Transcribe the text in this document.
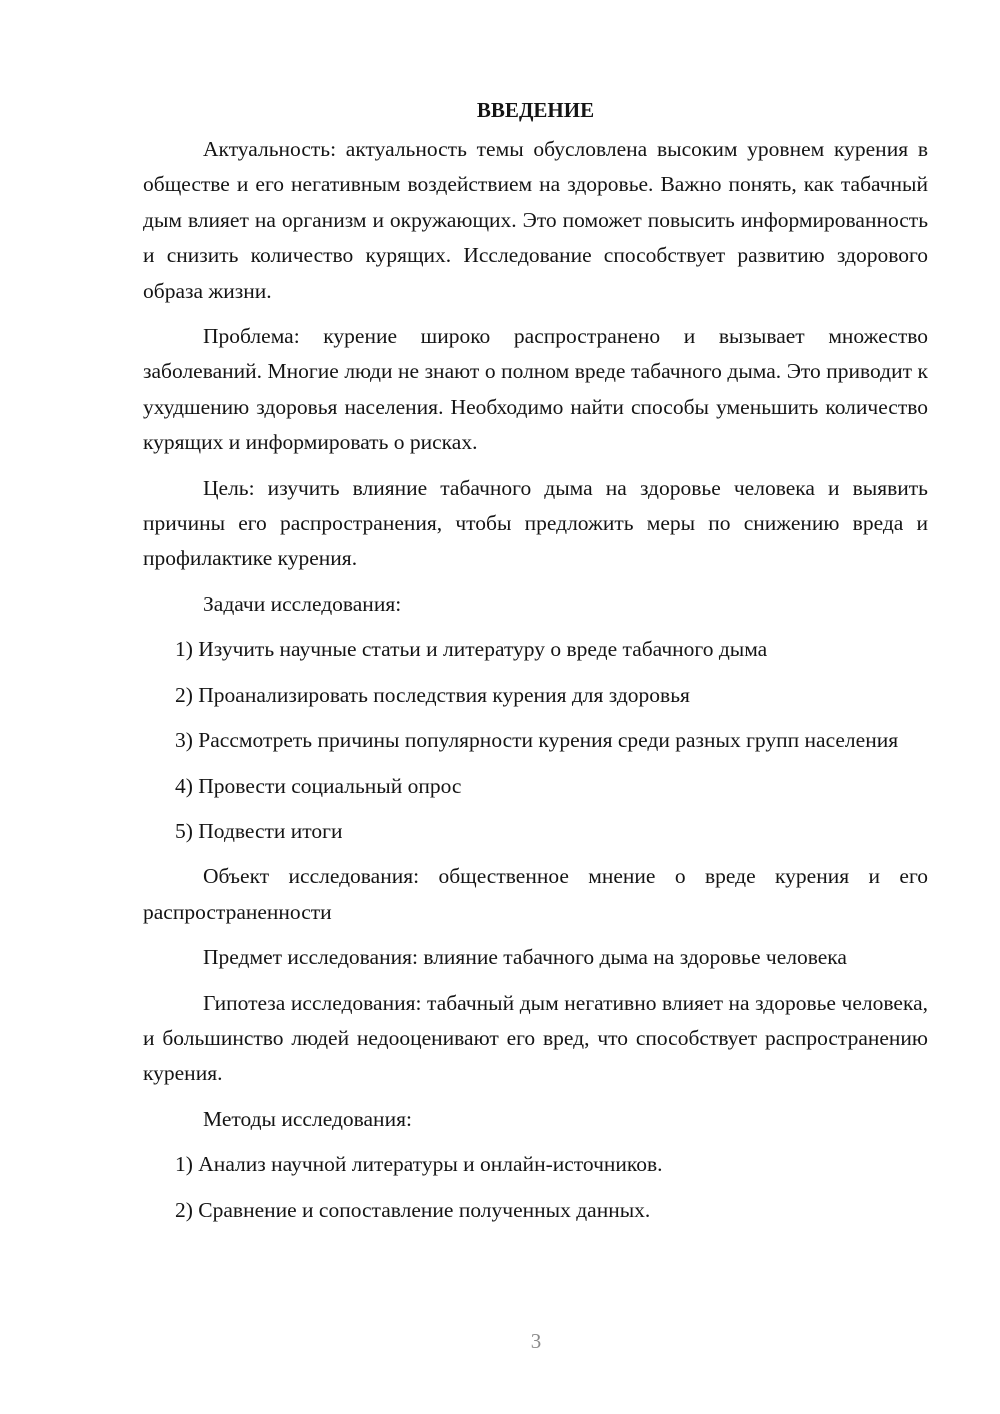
ВВЕДЕНИЕ

Актуальность: актуальность темы обусловлена высоким уровнем курения в обществе и его негативным воздействием на здоровье. Важно понять, как табачный дым влияет на организм и окружающих. Это поможет повысить информированность и снизить количество курящих. Исследование способствует развитию здорового образа жизни.

Проблема: курение широко распространено и вызывает множество заболеваний. Многие люди не знают о полном вреде табачного дыма. Это приводит к ухудшению здоровья населения. Необходимо найти способы уменьшить количество курящих и информировать о рисках.

Цель: изучить влияние табачного дыма на здоровье человека и выявить причины его распространения, чтобы предложить меры по снижению вреда и профилактике курения.

Задачи исследования:

1) Изучить научные статьи и литературу о вреде табачного дыма

2) Проанализировать последствия курения для здоровья

3) Рассмотреть причины популярности курения среди разных групп населения

4) Провести социальный опрос

5) Подвести итоги

Объект исследования: общественное мнение о вреде курения и его распространенности

Предмет исследования: влияние табачного дыма на здоровье человека

Гипотеза исследования: табачный дым негативно влияет на здоровье человека, и большинство людей недооценивают его вред, что способствует распространению курения.

Методы исследования:

1) Анализ научной литературы и онлайн-источников.

2) Сравнение и сопоставление полученных данных.

3
